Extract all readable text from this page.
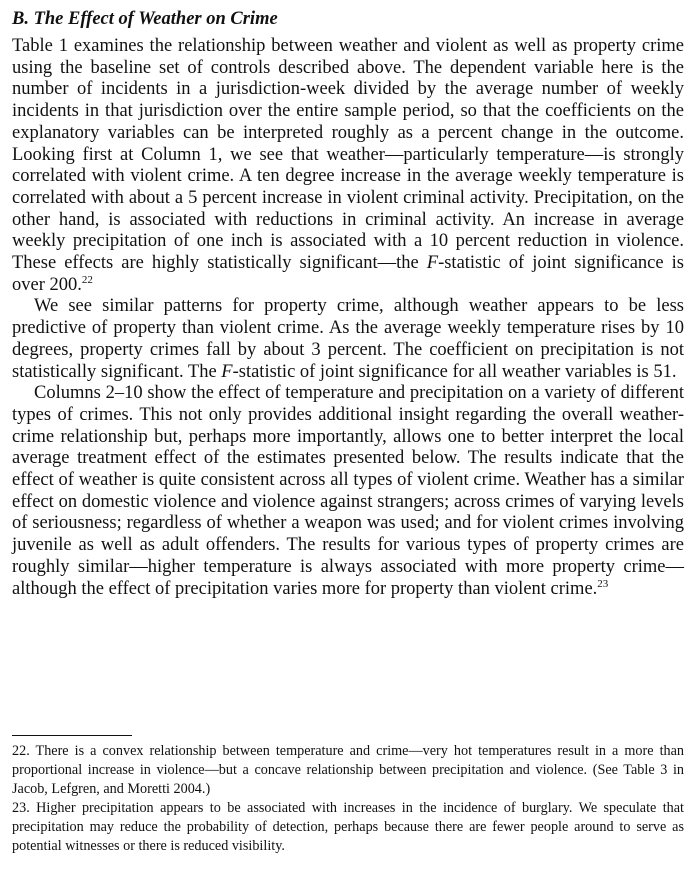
B. The Effect of Weather on Crime

Table 1 examines the relationship between weather and violent as well as property crime using the baseline set of controls described above. The dependent variable here is the number of incidents in a jurisdiction-week divided by the average number of weekly incidents in that jurisdiction over the entire sample period, so that the coefficients on the explanatory variables can be interpreted roughly as a percent change in the outcome. Looking first at Column 1, we see that weather—particularly temperature—is strongly correlated with violent crime. A ten degree increase in the average weekly temperature is correlated with about a 5 percent increase in violent criminal activity. Precipitation, on the other hand, is associated with reductions in criminal activity. An increase in average weekly precipitation of one inch is associated with a 10 percent reduction in violence. These effects are highly statistically significant—the F-statistic of joint significance is over 200.22

We see similar patterns for property crime, although weather appears to be less predictive of property than violent crime. As the average weekly temperature rises by 10 degrees, property crimes fall by about 3 percent. The coefficient on precipitation is not statistically significant. The F-statistic of joint significance for all weather variables is 51.

Columns 2–10 show the effect of temperature and precipitation on a variety of different types of crimes. This not only provides additional insight regarding the overall weather-crime relationship but, perhaps more importantly, allows one to better interpret the local average treatment effect of the estimates presented below. The results indicate that the effect of weather is quite consistent across all types of violent crime. Weather has a similar effect on domestic violence and violence against strangers; across crimes of varying levels of seriousness; regardless of whether a weapon was used; and for violent crimes involving juvenile as well as adult offenders. The results for various types of property crimes are roughly similar—higher temperature is always associated with more property crime—although the effect of precipitation varies more for property than violent crime.$^{23}$

22. There is a convex relationship between temperature and crime—very hot temperatures result in a more than proportional increase in violence—but a concave relationship between precipitation and violence. (See Table 3 in Jacob, Lefgren, and Moretti 2004.)

23. Higher precipitation appears to be associated with increases in the incidence of burglary. We speculate that precipitation may reduce the probability of detection, perhaps because there are fewer people around to serve as potential witnesses or there is reduced visibility.
